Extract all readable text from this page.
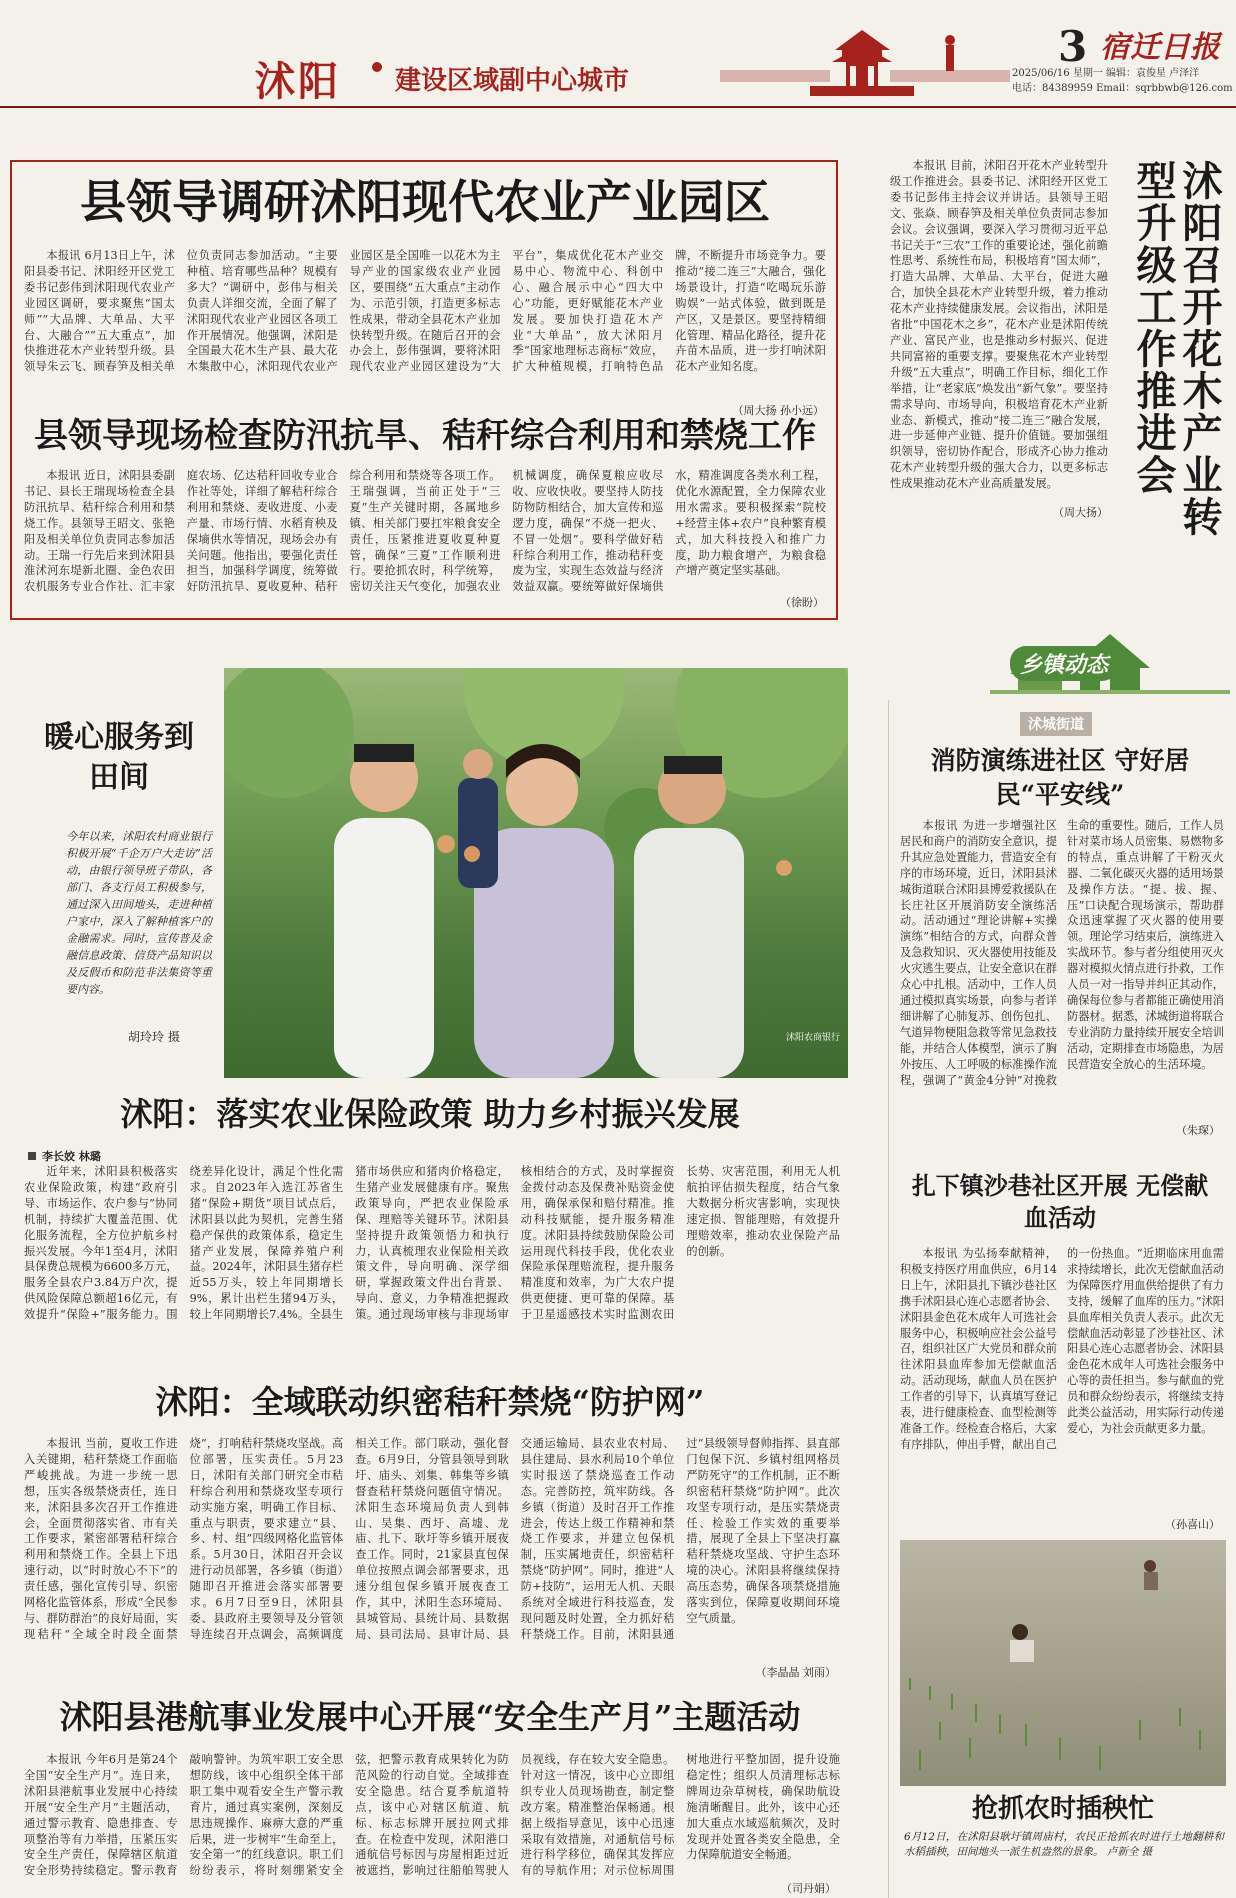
沭阳 建设区域副中心城市
3 宿迁日报
2025/06/16 星期一 编辑：袁俊星 卢泽洋
电话：84389959 Email：sqrbbwb@126.com
县领导调研沭阳现代农业产业园区

本报讯 6月13日上午，沭阳县委书记、沭阳经开区党工委书记彭伟到沭阳现代农业产业园区调研，要求聚焦“国太师”“大品牌、大单品、大平台、大融合”“五大重点”，加快推进花木产业转型升级。县领导朱云飞、顾春笋及相关单位负责同志参加活动。“主要种植、培育哪些品种？规模有多大？”调研中，彭伟与相关负责人详细交流，全面了解了沭阳现代农业产业园区各项工作开展情况。他强调，沭阳是全国最大花木生产县、最大花木集散中心，沭阳现代农业产业园区是全国唯一以花木为主导产业的国家级农业产业园区，要围绕“五大重点”主动作为、示范引领，打造更多标志性成果，带动全县花木产业加快转型升级。在随后召开的会办会上，彭伟强调，要将沭阳现代农业产业园区建设为“大平台”，集成优化花木产业交易中心、物流中心、科创中心、融合展示中心“四大中心”功能，更好赋能花木产业发展。要加快打造花木产业“大单品”，放大沭阳月季“国家地理标志商标”效应，扩大种植规模，打响特色品牌，不断提升市场竞争力。要推动“接二连三”大融合，强化场景设计，打造“吃喝玩乐游购娱”一站式体验，做到既是产区，又是景区。要坚持精细化管理、精品化路径，提升花卉苗木品质，进一步打响沭阳花木产业知名度。

（周大扬 孙小远）
县领导现场检查防汛抗旱、秸秆综合利用和禁烧工作

本报讯 近日，沭阳县委副书记、县长王瑞现场检查全县防汛抗旱、秸秆综合利用和禁烧工作。县领导王昭文、张艳阳及相关单位负责同志参加活动。王瑞一行先后来到沭阳县淮沭河东堤新北圈、金色农田农机服务专业合作社、汇丰家庭农场、亿达秸秆回收专业合作社等处，详细了解秸秆综合利用和禁烧、麦收进度、小麦产量、市场行情、水稻育秧及保墒供水等情况，现场会办有关问题。他指出，要强化责任担当，加强科学调度，统筹做好防汛抗旱、夏收夏种、秸秆综合利用和禁烧等各项工作。王瑞强调，当前正处于“三夏”生产关键时期，各属地乡镇、相关部门要扛牢粮食安全责任，压紧推进夏收夏种夏管，确保“三夏”工作顺利进行。要抢抓农时，科学统筹，密切关注天气变化，加强农业机械调度，确保夏粮应收尽收、应收快收。要坚持人防技防物防相结合，加大宣传和巡逻力度，确保“不烧一把火、不冒一处烟”。要科学做好秸秆综合利用工作，推动秸秆变废为宝，实现生态效益与经济效益双赢。要统筹做好保墒供水，精准调度各类水利工程，优化水源配置，全力保障农业用水需求。要积极探索“院校+经营主体+农户”良种繁育模式，加大科技投入和推广力度，助力粮食增产，为粮食稳产增产奠定坚实基础。

（徐盼）

本报讯 目前，沭阳召开花木产业转型升级工作推进会。县委书记、沭阳经开区党工委书记彭伟主持会议并讲话。县领导王昭文、张焱、顾春笋及相关单位负责同志参加会议。会议强调，要深入学习贯彻习近平总书记关于“三农”工作的重要论述，强化前瞻性思考、系统性布局，积极培育“国太师”，打造大品牌、大单品、大平台，促进大融合，加快全县花木产业转型升级，着力推动花木产业持续健康发展。会议指出，沭阳是省批“中国花木之乡”，花木产业是沭阳传统产业、富民产业，也是推动乡村振兴、促进共同富裕的重要支撑。要聚焦花木产业转型升级“五大重点”，明确工作目标，细化工作举措，让“老家底”焕发出“新气象”。要坚持需求导向、市场导向，积极培育花木产业新业态、新模式，推动“接二连三”融合发展，进一步延伸产业链、提升价值链。要加强组织领导，密切协作配合，形成齐心协力推动花木产业转型升级的强大合力，以更多标志性成果推动花木产业高质量发展。

（周大扬）	沭阳召开花木产业转型升级工作推进会
乡镇动态
暖心服务到田间
今年以来，沭阳农村商业银行积极开展“千企万户大走访”活动，由银行领导班子带队，各部门、各支行员工积极参与，通过深入田间地头，走进种植户家中，深入了解种植客户的金融需求。同时，宣传普及金融信息政策、信贷产品知识以及反假币和防范非法集资等重要内容。
胡玲玲 摄	沭阳农商银行
沭阳：落实农业保险政策 助力乡村振兴发展
李长姣 林璐

近年来，沭阳县积极落实农业保险政策，构建“政府引导、市场运作、农户参与”协同机制，持续扩大覆盖范围、优化服务流程，全方位护航乡村振兴发展。今年1至4月，沭阳县保费总规模为6600多万元，服务全县农户3.84万户次，提供风险保障总额超16亿元，有效提升“保险+”服务能力。围绕差异化设计，满足个性化需求。自2023年入选江苏省生猪“保险+期货”项目试点后，沭阳县以此为契机，完善生猪稳产保供的政策体系，稳定生猪产业发展，保障养殖户利益。2024年，沭阳县生猪存栏近55万头，较上年同期增长9%，累计出栏生猪94万头，较上年同期增长7.4%。全县生猪市场供应和猪肉价格稳定，生猪产业发展健康有序。聚焦政策导向，严把农业保险承保、理赔等关键环节。沭阳县坚持提升政策领悟力和执行力，认真梳理农业保险相关政策文件，导向明确、深学细研，掌握政策文件出台背景、导向、意义，力争精准把握政策。通过现场审核与非现场审核相结合的方式，及时掌握资金拨付动态及保费补贴资金使用，确保承保和赔付精准。推动科技赋能，提升服务精准度。沭阳县持续鼓励保险公司运用现代科技手段，优化农业保险承保理赔流程，提升服务精准度和效率，为广大农户提供更便捷、更可靠的保障。基于卫星遥感技术实时监测农田长势、灾害范围，利用无人机航拍评估损失程度，结合气象大数据分析灾害影响，实现快速定损、智能理赔，有效提升理赔效率，推动农业保险产品的创新。

沭阳：全域联动织密秸秆禁烧“防护网”

本报讯 当前，夏收工作进入关键期，秸秆禁烧工作面临严峻挑战。为进一步统一思想，压实各级禁烧责任，连日来，沭阳县多次召开工作推进会，全面贯彻落实省、市有关工作要求，紧密部署秸秆综合利用和禁烧工作。全县上下迅速行动，以“时时放心不下”的责任感，强化宣传引导、织密网格化监管体系，形成“全民参与、群防群治”的良好局面，实现秸秆“全域全时段全面禁烧”，打响秸秆禁烧攻坚战。高位部署，压实责任。5月23日，沭阳有关部门研究全市秸秆综合利用和禁烧攻坚专项行动实施方案，明确工作目标、重点与职责，要求建立“县、乡、村、组”四级网格化监管体系。5月30日，沭阳召开会议进行动员部署，各乡镇（街道）随即召开推进会落实部署要求。6月7日至9日，沭阳县委、县政府主要领导及分管领导连续召开点调会，高频调度相关工作。部门联动，强化督查。6月9日，分管县领导到耿圩、庙头、刘集、韩集等乡镇督查秸秆禁烧问题值守情况。沭阳生态环境局负责人到韩山、吴集、西圩、高墟、龙庙、扎下、耿圩等乡镇开展夜查工作。同时，21家县直包保单位按照点调会部署要求，迅速分组包保乡镇开展夜查工作，其中，沭阳生态环境局、县城管局、县统计局、县数据局、县司法局、县审计局、县交通运输局、县农业农村局、县住建局、县水利局10个单位实时报送了禁烧巡查工作动态。完善防控，筑牢防线。各乡镇（街道）及时召开工作推进会，传达上级工作精神和禁烧工作要求，并建立包保机制，压实属地责任，织密秸秆禁烧“防护网”。同时，推进“人防+技防”，运用无人机、天眼系统对全域进行科技巡查，发现问题及时处置，全力抓好秸秆禁烧工作。目前，沭阳县通过“县级领导督帅指挥、县直部门包保下沉、乡镇村组网格员严防死守”的工作机制，正不断织密秸秆禁烧“防护网”。此次攻坚专项行动，是压实禁烧责任、检验工作实效的重要举措，展现了全县上下坚决打赢秸秆禁烧攻坚战、守护生态环境的决心。沭阳县将继续保持高压态势，确保各项禁烧措施落实到位，保障夏收期间环境空气质量。

（李晶晶 刘雨）
沭阳县港航事业发展中心开展“安全生产月”主题活动

本报讯 今年6月是第24个全国“安全生产月”。连日来，沭阳县港航事业发展中心持续开展“安全生产月”主题活动，通过警示教育、隐患排查、专项整治等有力举措，压紧压实安全生产责任，保障辖区航道安全形势持续稳定。警示教育敲响警钟。为筑牢职工安全思想防线，该中心组织全体干部职工集中观看安全生产警示教育片，通过真实案例，深刻反思违规操作、麻痹大意的严重后果，进一步树牢“生命至上，安全第一”的红线意识。职工们纷纷表示，将时刻绷紧安全弦，把警示教育成果转化为防范风险的行动自觉。全域排查安全隐患。结合夏季航道特点，该中心对辖区航道、航标、标志标牌开展拉网式排查。在检查中发现，沭阳港口通航信号标因与房屋相距过近被遮挡，影响过往船舶驾驶人员视线，存在较大安全隐患。针对这一情况，该中心立即组织专业人员现场勘查，制定整改方案。精准整治保畅通。根据上级指导意见，该中心迅速采取有效措施，对通航信号标进行科学移位，确保其发挥应有的导航作用；对示位标周围树地进行平整加固，提升设施稳定性；组织人员清理标志标牌周边杂草树枝，确保助航设施清晰醒目。此外，该中心还加大重点水域巡航频次，及时发现并处置各类安全隐患，全力保障航道安全畅通。

（司丹娟）
沭城街道
消防演练进社区 守好居民“平安线”

本报讯 为进一步增强社区居民和商户的消防安全意识，提升其应急处置能力，营造安全有序的市场环境，近日，沭阳县沭城街道联合沭阳县博爱救援队在长庄社区开展消防安全演练活动。活动通过“理论讲解+实操演练”相结合的方式，向群众普及急救知识、灭火器使用技能及火灾逃生要点，让安全意识在群众心中扎根。活动中，工作人员通过模拟真实场景，向参与者详细讲解了心肺复苏、创伤包扎、气道异物梗阻急救等常见急救技能，并结合人体模型，演示了胸外按压、人工呼吸的标准操作流程，强调了“黄金4分钟”对挽救生命的重要性。随后，工作人员针对菜市场人员密集、易燃物多的特点，重点讲解了干粉灭火器、二氧化碳灭火器的适用场景及操作方法。“提、拔、握、压”口诀配合现场演示，帮助群众迅速掌握了灭火器的使用要领。理论学习结束后，演练进入实战环节。参与者分组使用灭火器对模拟火情点进行扑救，工作人员一对一指导并纠正其动作，确保每位参与者都能正确使用消防器材。据悉，沭城街道将联合专业消防力量持续开展安全培训活动，定期排查市场隐患，为居民营造安全放心的生活环境。

（朱琛）
扎下镇沙巷社区开展 无偿献血活动

本报讯 为弘扬奉献精神，积极支持医疗用血供应，6月14日上午，沭阳县扎下镇沙巷社区携手沭阳县心连心志愿者协会、沭阳县金色花木成年人可选社会服务中心，积极响应社会公益号召，组织社区广大党员和群众前往沭阳县血库参加无偿献血活动。活动现场，献血人员在医护工作者的引导下，认真填写登记表，进行健康检查、血型检测等准备工作。经检查合格后，大家有序排队，伸出手臂，献出自己的一份热血。“近期临床用血需求持续增长，此次无偿献血活动为保障医疗用血供给提供了有力支持，缓解了血库的压力。”沭阳县血库相关负责人表示。此次无偿献血活动彰显了沙巷社区、沭阳县心连心志愿者协会、沭阳县金色花木成年人可选社会服务中心等的责任担当。参与献血的党员和群众纷纷表示，将继续支持此类公益活动，用实际行动传递爱心，为社会贡献更多力量。

（孙喜山）
抢抓农时插秧忙
6月12日，在沭阳县耿圩镇周庙村，农民正抢抓农时进行土地翻耕和水稻插秧，田间地头一派生机盎然的景象。 卢新全 摄
